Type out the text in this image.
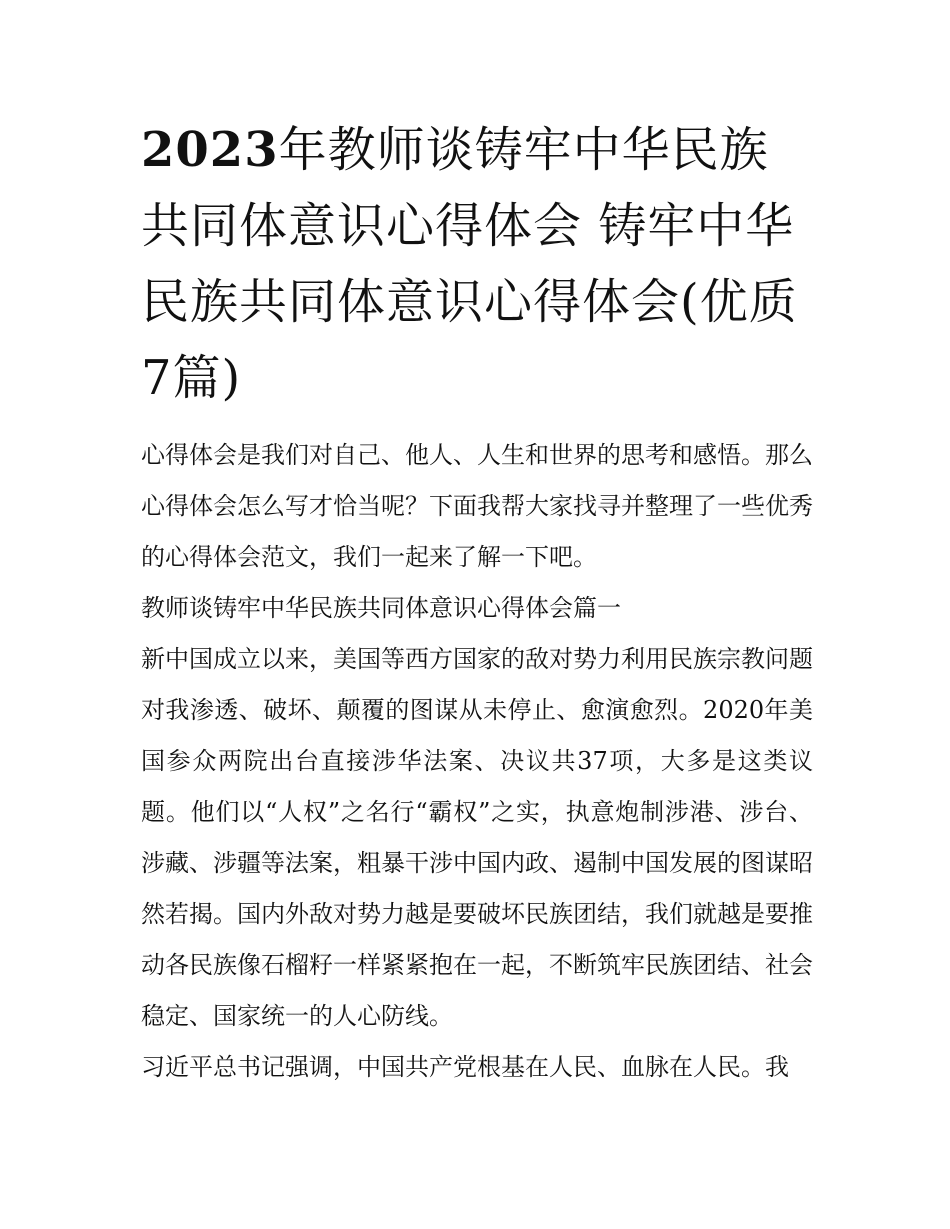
2023年教师谈铸牢中华民族共同体意识心得体会 铸牢中华民族共同体意识心得体会(优质7篇)

心得体会是我们对自己、他人、人生和世界的思考和感悟。那么心得体会怎么写才恰当呢？下面我帮大家找寻并整理了一些优秀的心得体会范文，我们一起来了解一下吧。

教师谈铸牢中华民族共同体意识心得体会篇一

新中国成立以来，美国等西方国家的敌对势力利用民族宗教问题对我渗透、破坏、颠覆的图谋从未停止、愈演愈烈。2020年美国参众两院出台直接涉华法案、决议共37项，大多是这类议题。他们以“人权”之名行“霸权”之实，执意炮制涉港、涉台、涉藏、涉疆等法案，粗暴干涉中国内政、遏制中国发展的图谋昭然若揭。国内外敌对势力越是要破坏民族团结，我们就越是要推动各民族像石榴籽一样紧紧抱在一起，不断筑牢民族团结、社会稳定、国家统一的人心防线。

习近平总书记强调，中国共产党根基在人民、血脉在人民。我
